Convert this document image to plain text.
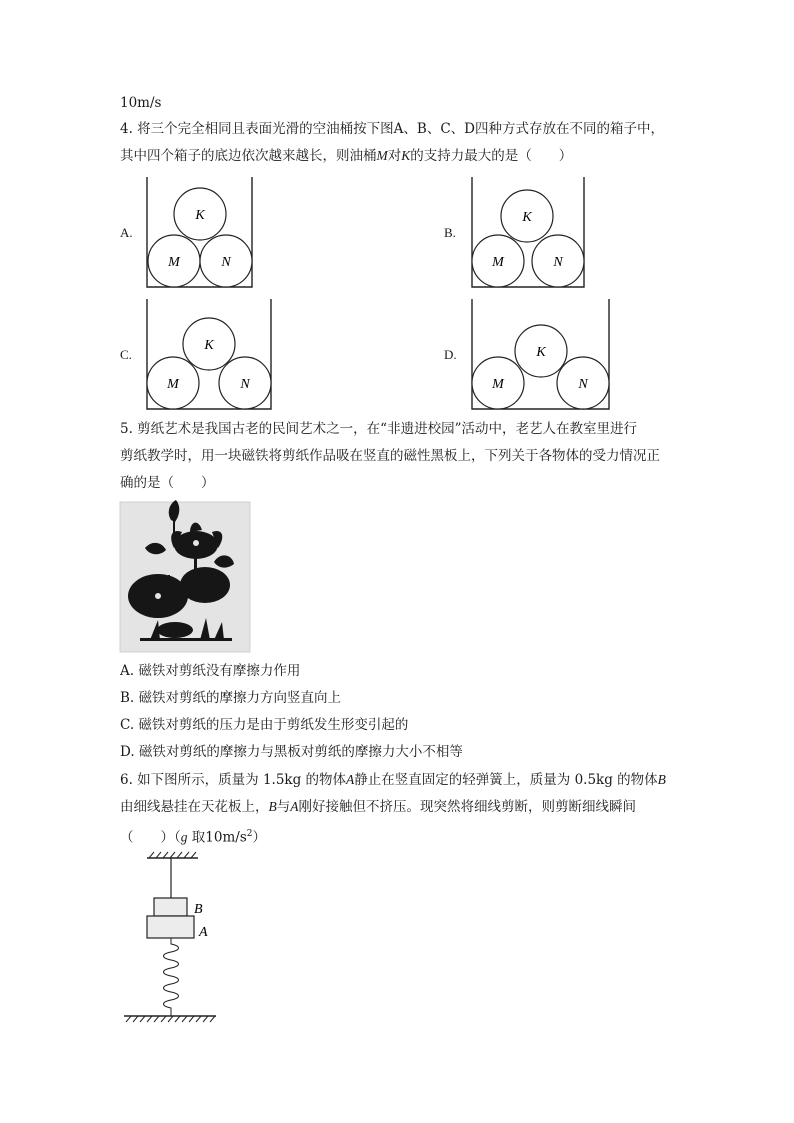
10m/s
4. 将三个完全相同且表面光滑的空油桶按下图A、B、C、D四种方式存放在不同的箱子中，
其中四个箱子的底边依次越来越长，则油桶M对K的支持力最大的是（　　）
A.	B.
C.	D.
K
M	N
K
M	N
K
M	N
K
M	N
B
A
5. 剪纸艺术是我国古老的民间艺术之一，在“非遗进校园”活动中，老艺人在教室里进行
剪纸教学时，用一块磁铁将剪纸作品吸在竖直的磁性黑板上，下列关于各物体的受力情况正
确的是（　　）
A. 磁铁对剪纸没有摩擦力作用
B. 磁铁对剪纸的摩擦力方向竖直向上
C. 磁铁对剪纸的压力是由于剪纸发生形变引起的
D. 磁铁对剪纸的摩擦力与黑板对剪纸的摩擦力大小不相等
6. 如下图所示，质量为 1.5kg 的物体A静止在竖直固定的轻弹簧上，质量为 0.5kg 的物体B
由细线悬挂在天花板上，B与A刚好接触但不挤压。现突然将细线剪断，则剪断细线瞬间
（　　）（g 取$10m/s^2$）
